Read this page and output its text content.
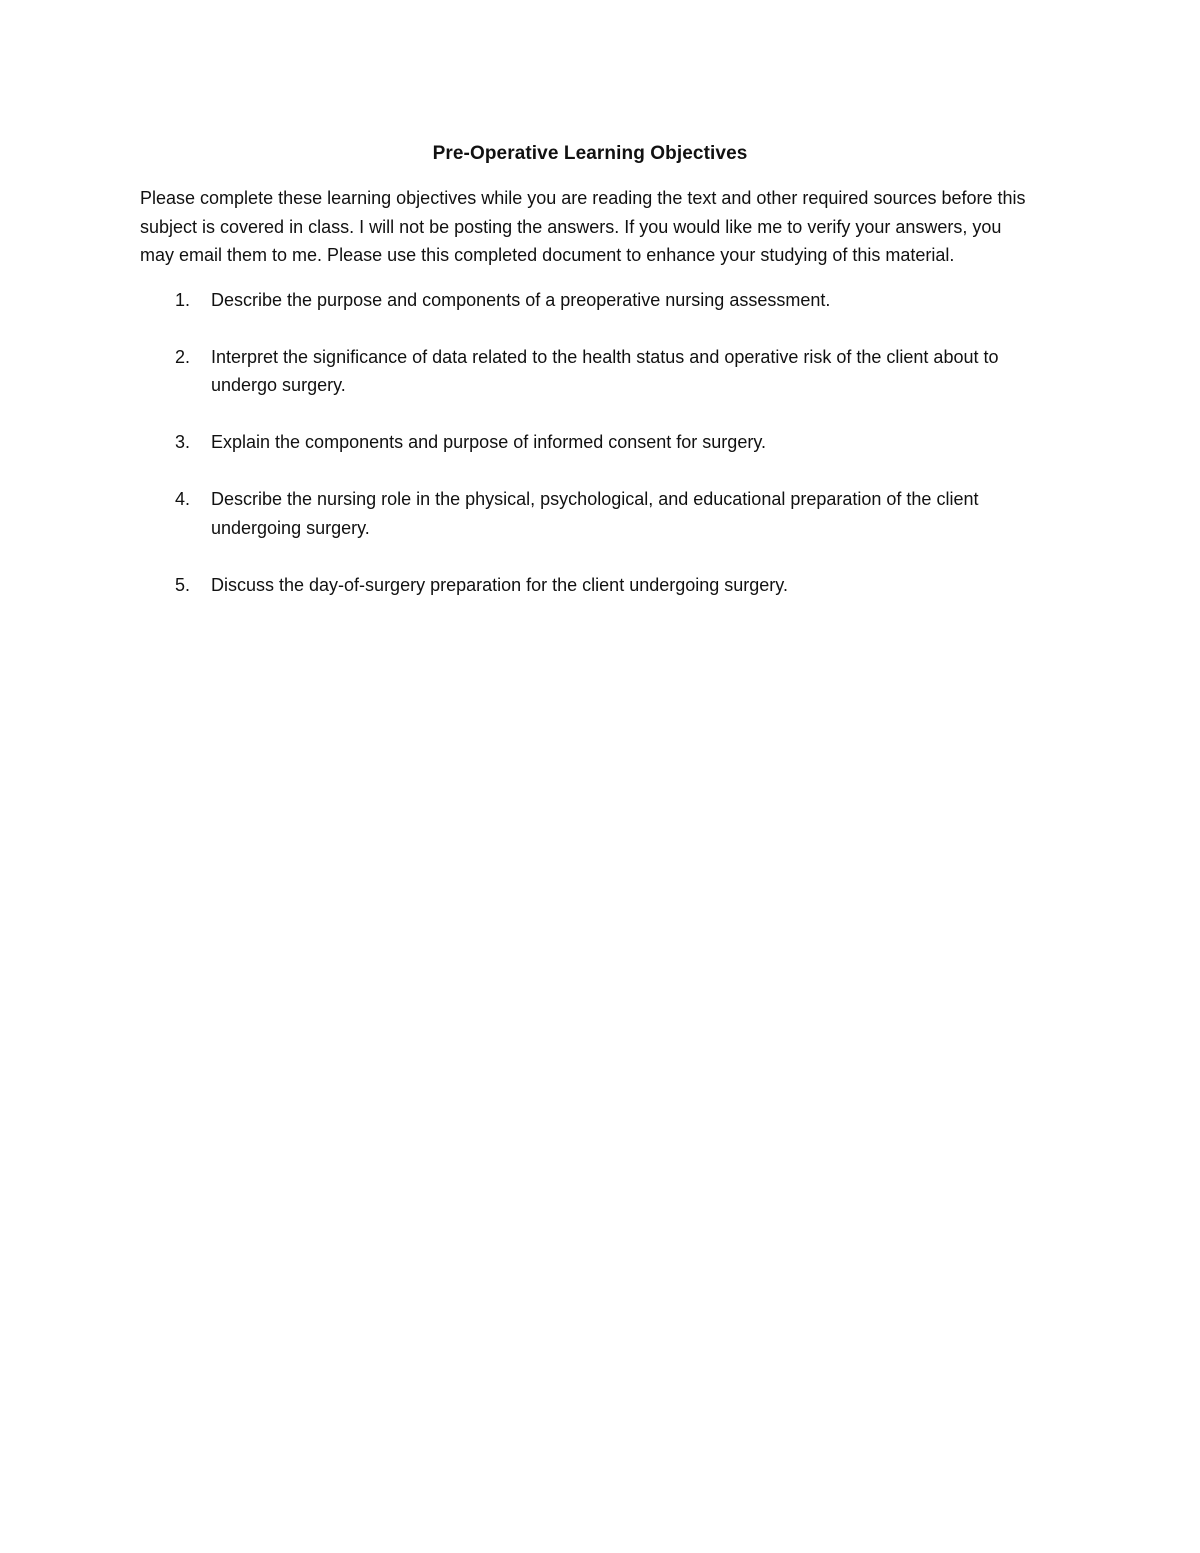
Pre-Operative Learning Objectives

Please complete these learning objectives while you are reading the text and other required sources before this subject is covered in class. I will not be posting the answers. If you would like me to verify your answers, you may email them to me. Please use this completed document to enhance your studying of this material.

1.	Describe the purpose and components of a preoperative nursing assessment.
2.	Interpret the significance of data related to the health status and operative risk of the client about to undergo surgery.
3.	Explain the components and purpose of informed consent for surgery.
4.	Describe the nursing role in the physical, psychological, and educational preparation of the client undergoing surgery.
5.	Discuss the day-of-surgery preparation for the client undergoing surgery.
